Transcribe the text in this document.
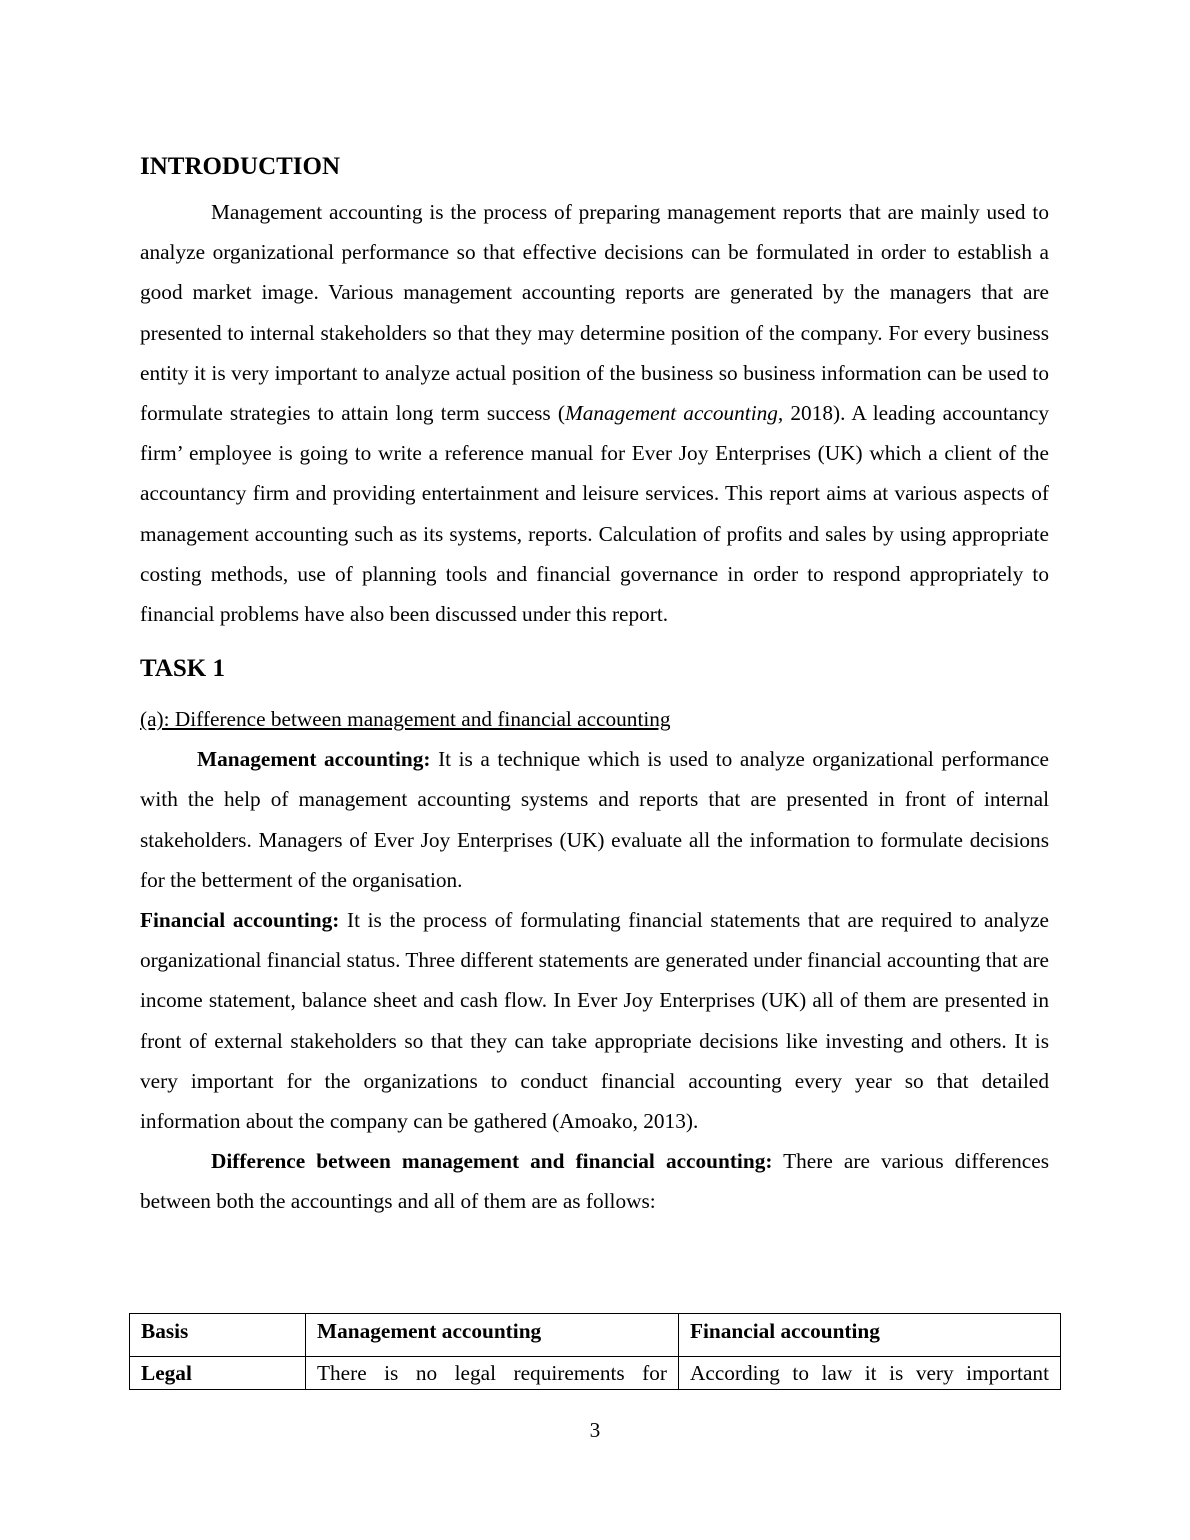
INTRODUCTION

Management accounting is the process of preparing management reports that are mainly used to analyze organizational performance so that effective decisions can be formulated in order to establish a good market image. Various management accounting reports are generated by the managers that are presented to internal stakeholders so that they may determine position of the company. For every business entity it is very important to analyze actual position of the business so business information can be used to formulate strategies to attain long term success (Management accounting, 2018). A leading accountancy firm’ employee is going to write a reference manual for Ever Joy Enterprises (UK) which a client of the accountancy firm and providing entertainment and leisure services. This report aims at various aspects of management accounting such as its systems, reports. Calculation of profits and sales by using appropriate costing methods, use of planning tools and financial governance in order to respond appropriately to financial problems have also been discussed under this report.

TASK 1

(a): Difference between management and financial accounting

Management accounting: It is a technique which is used to analyze organizational performance with the help of management accounting systems and reports that are presented in front of internal stakeholders. Managers of Ever Joy Enterprises (UK) evaluate all the information to formulate decisions for the betterment of the organisation.

Financial accounting: It is the process of formulating financial statements that are required to analyze organizational financial status. Three different statements are generated under financial accounting that are income statement, balance sheet and cash flow. In Ever Joy Enterprises (UK) all of them are presented in front of external stakeholders so that they can take appropriate decisions like investing and others. It is very important for the organizations to conduct financial accounting every year so that detailed information about the company can be gathered (Amoako, 2013).

Difference between management and financial accounting: There are various differences between both the accountings and all of them are as follows:

Basis	Management accounting	Financial accounting
Legal	There is no legal requirements for	According to law it is very important
3
